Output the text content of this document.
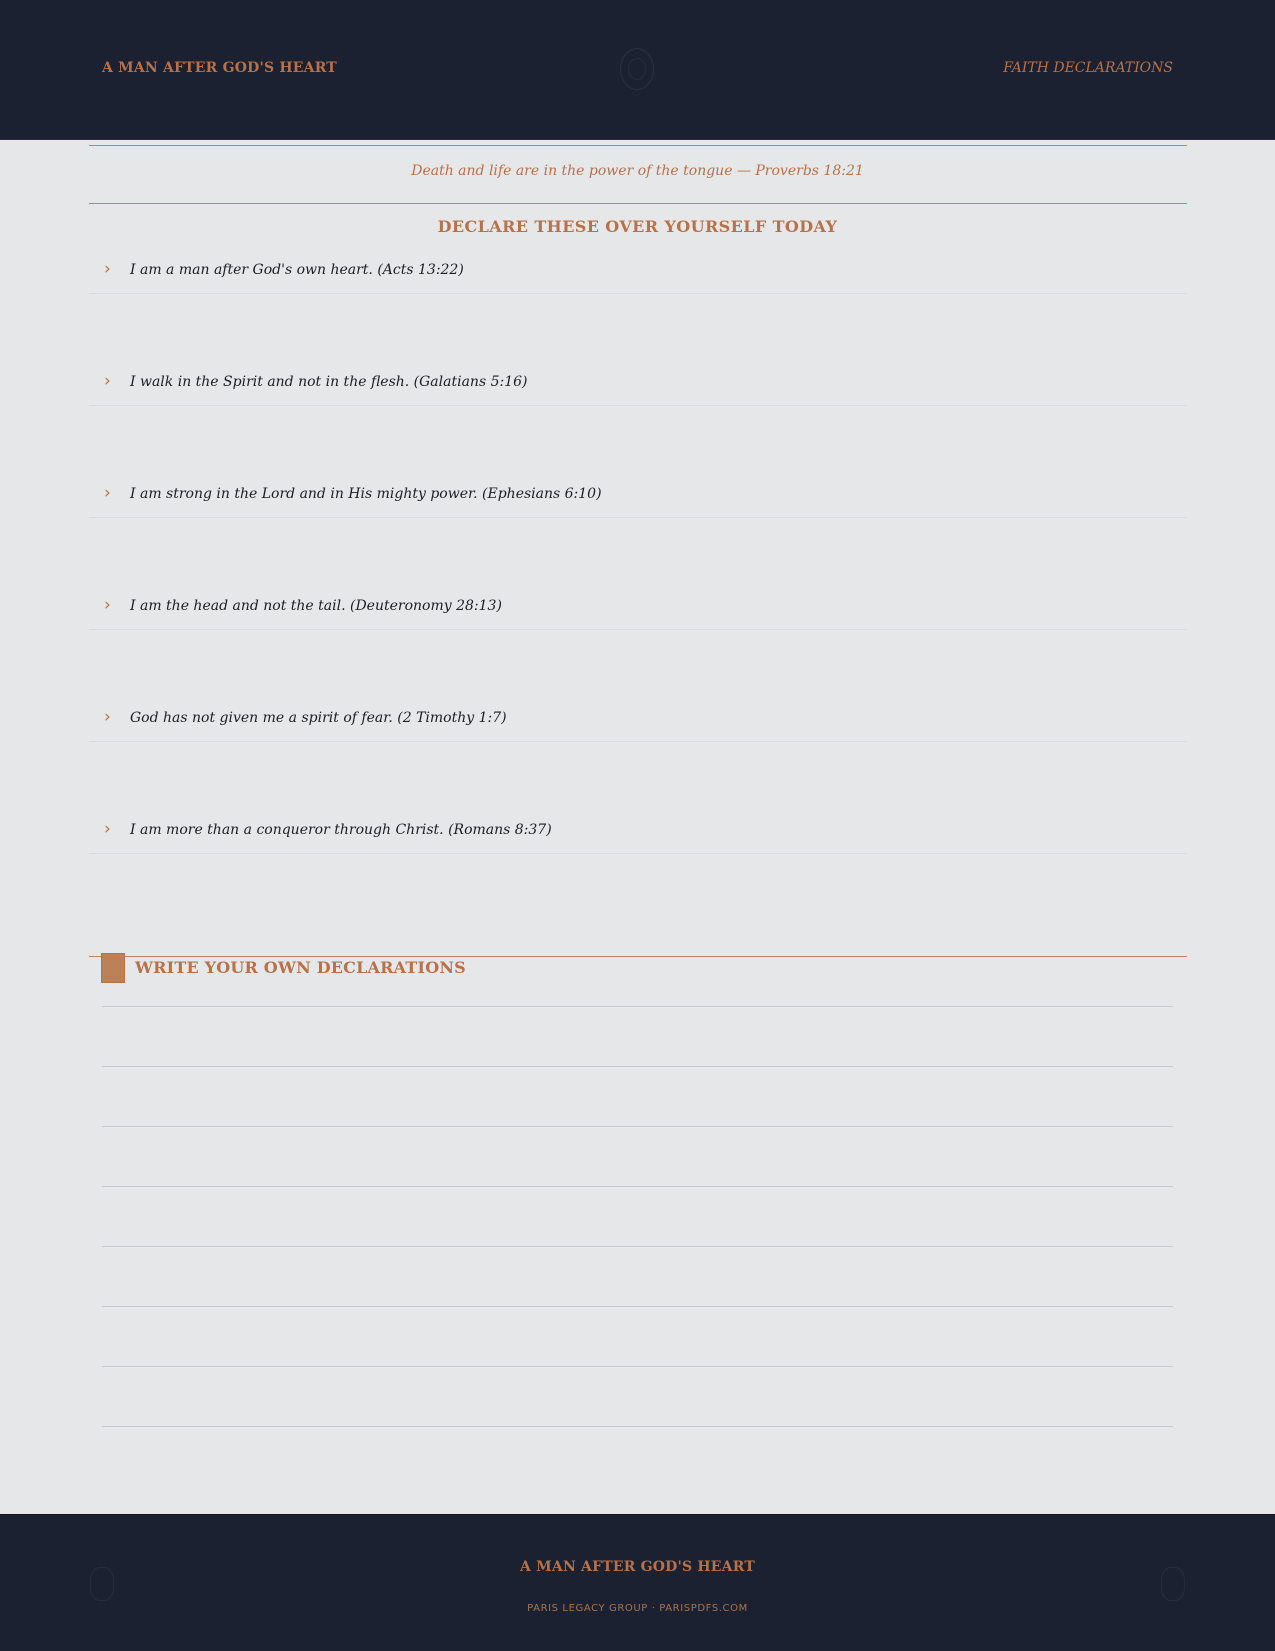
A MAN AFTER GOD'S HEART	FAITH DECLARATIONS
Death and life are in the power of the tongue — Proverbs 18:21
DECLARE THESE OVER YOURSELF TODAY
› I am a man after God's own heart. (Acts 13:22)
› I walk in the Spirit and not in the flesh. (Galatians 5:16)
› I am strong in the Lord and in His mighty power. (Ephesians 6:10)
› I am the head and not the tail. (Deuteronomy 28:13)
› God has not given me a spirit of fear. (2 Timothy 1:7)
› I am more than a conqueror through Christ. (Romans 8:37)
WRITE YOUR OWN DECLARATIONS
A MAN AFTER GOD'S HEART
PARIS LEGACY GROUP · PARISPDFS.COM
